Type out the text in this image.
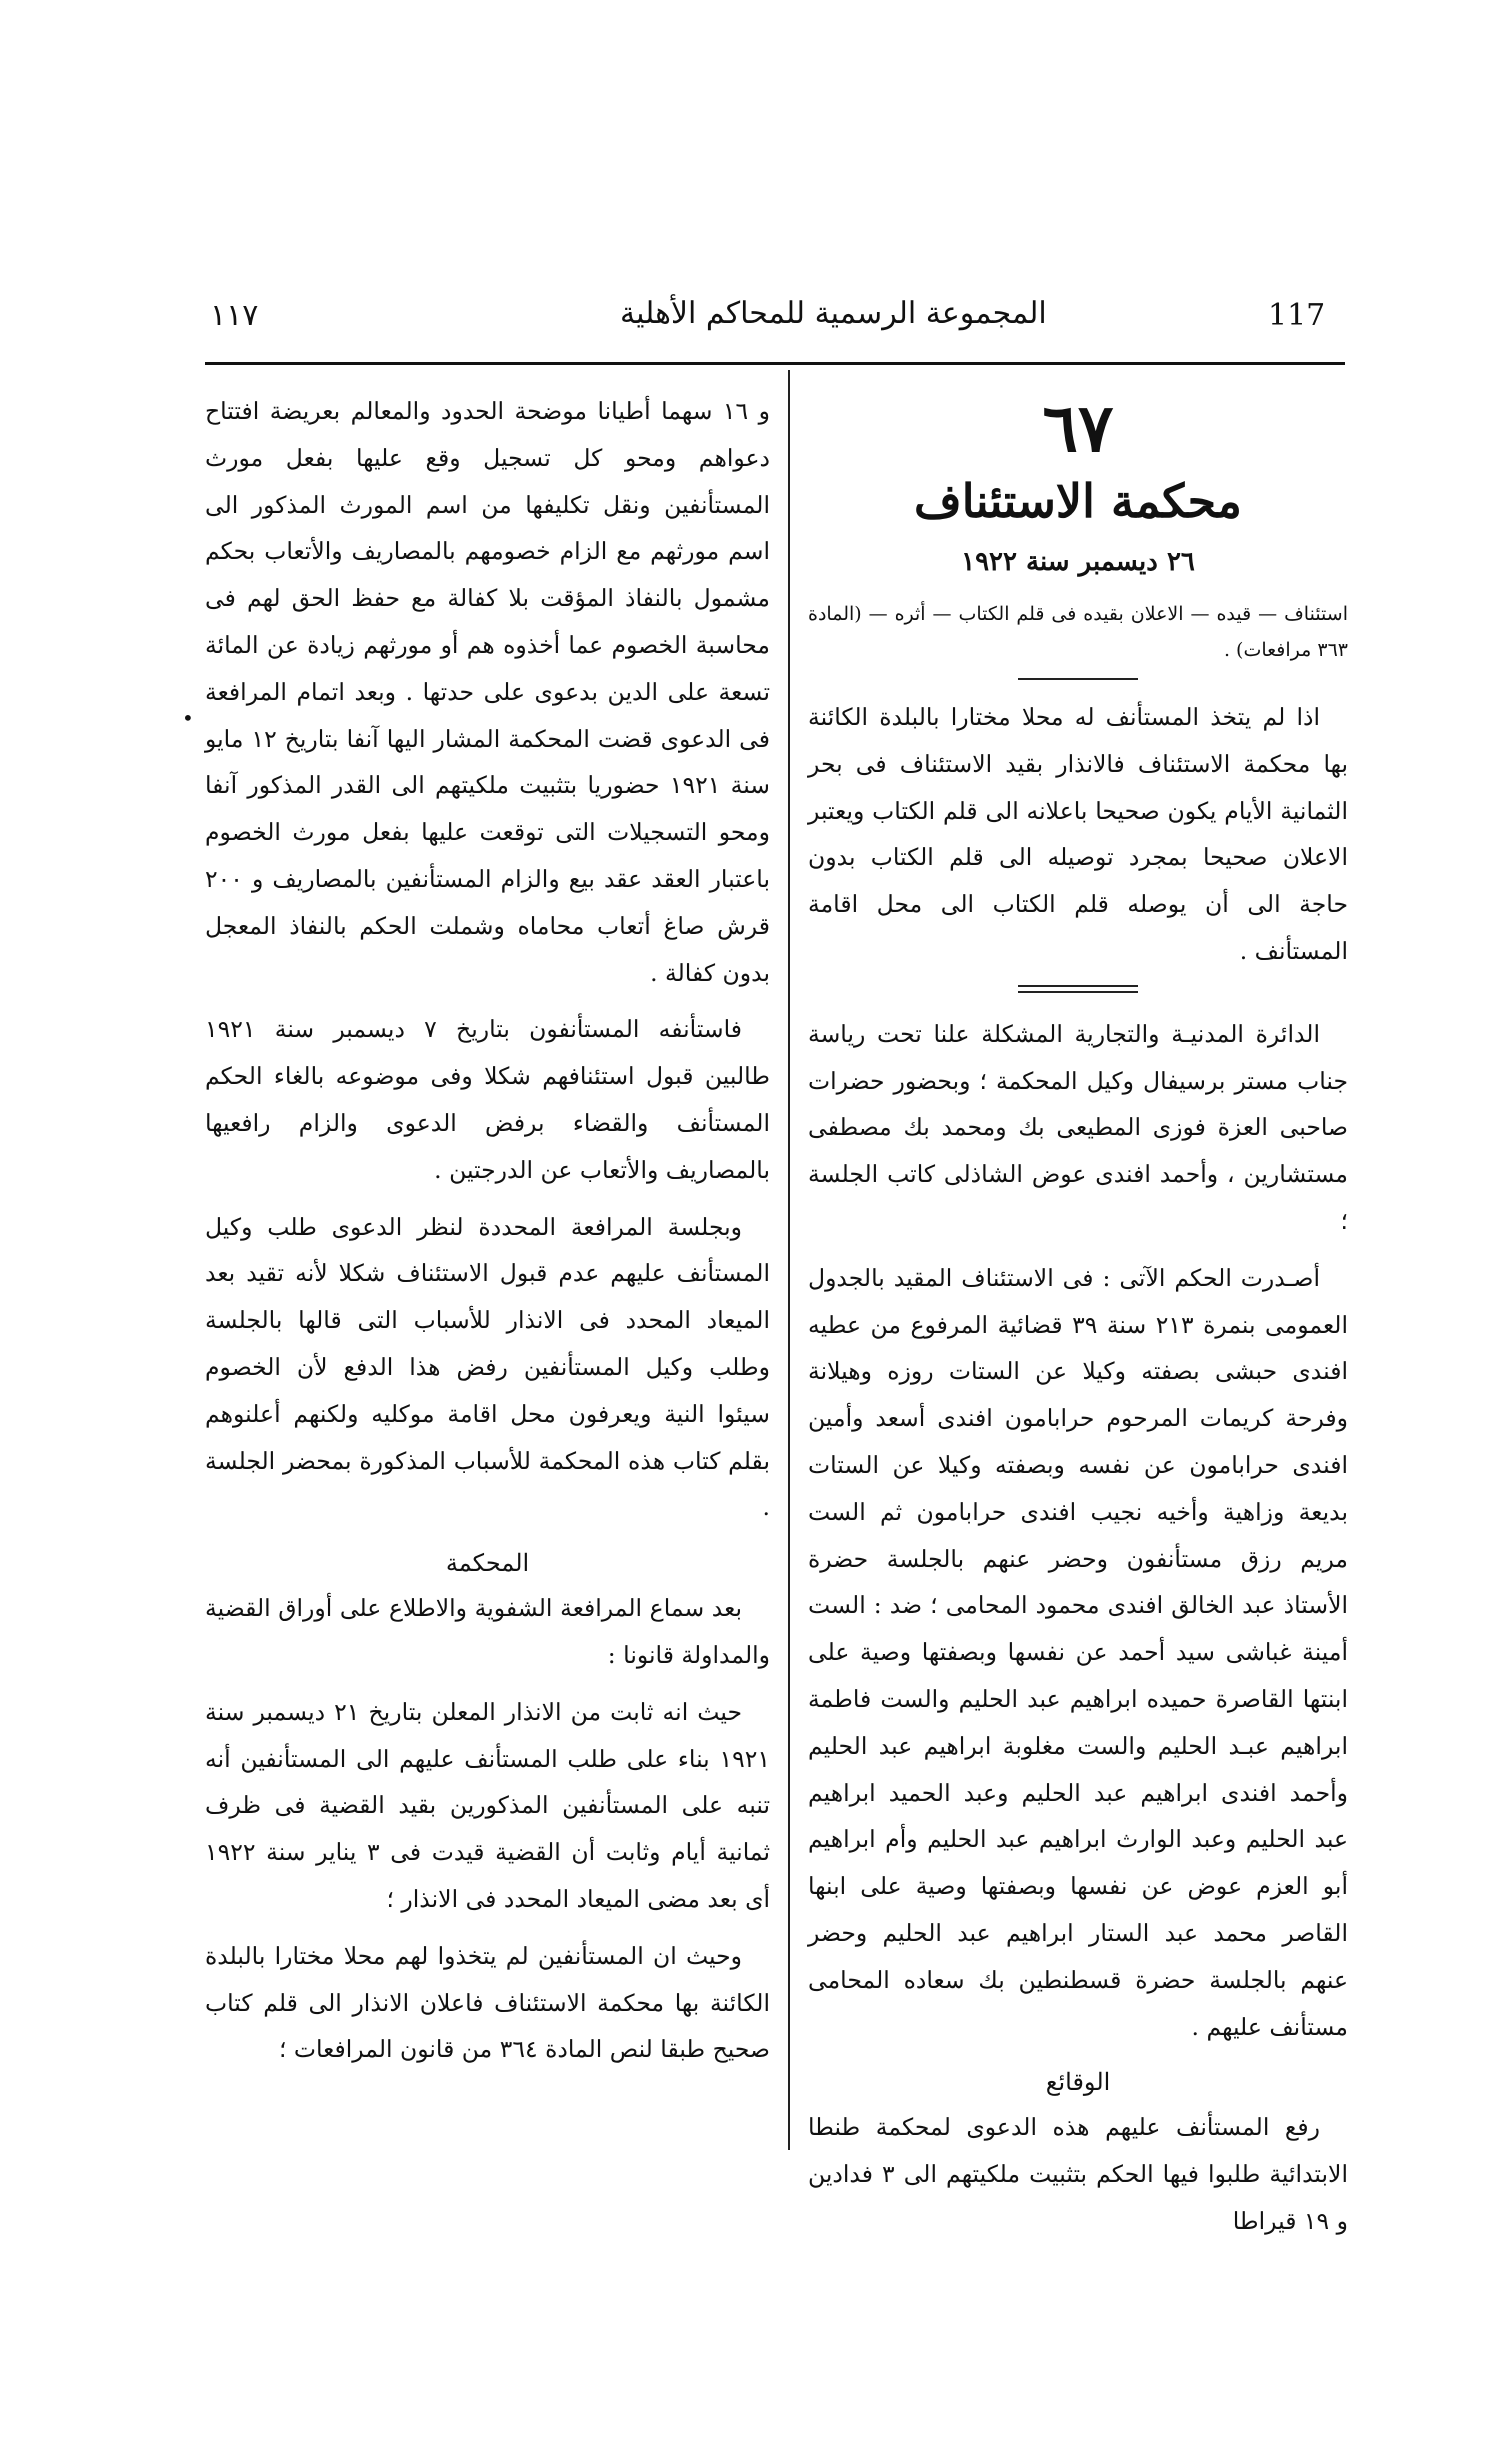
١١٧	المجموعة الرسمية للمحاكم الأهلية	117
•
٦٧
محكمة الاستئناف
٢٦ ديسمبر سنة ١٩٢٢

استئناف — قيده — الاعلان بقيده فى قلم الكتاب — أثره — (المادة ٣٦٣ مرافعات) .

اذا لم يتخذ المستأنف له محلا مختارا بالبلدة الكائنة بها محكمة الاستئناف فالانذار بقيد الاستئناف فى بحر الثمانية الأيام يكون صحيحا باعلانه الى قلم الكتاب ويعتبر الاعلان صحيحا بمجرد توصيله الى قلم الكتاب بدون حاجة الى أن يوصله قلم الكتاب الى محل اقامة المستأنف .

الدائرة المدنيـة والتجارية المشكلة علنا تحت رياسة جناب مستر برسيفال وكيل المحكمة ؛ وبحضور حضرات صاحبى العزة فوزى المطيعى بك ومحمد بك مصطفى مستشارين ، وأحمد افندى عوض الشاذلى كاتب الجلسة ؛

أصـدرت الحكم الآتى : فى الاستئناف المقيد بالجدول العمومى بنمرة ٢١٣ سنة ٣٩ قضائية المرفوع من عطيه افندى حبشى بصفته وكيلا عن الستات روزه وهيلانة وفرحة كريمات المرحوم حرابامون افندى أسعد وأمين افندى حرابامون عن نفسه وبصفته وكيلا عن الستات بديعة وزاهية وأخيه نجيب افندى حرابامون ثم الست مريم رزق مستأنفون وحضر عنهم بالجلسة حضرة الأستاذ عبد الخالق افندى محمود المحامى ؛ ضد : الست أمينة غباشى سيد أحمد عن نفسها وبصفتها وصية على ابنتها القاصرة حميده ابراهيم عبد الحليم والست فاطمة ابراهيم عبـد الحليم والست مغلوبة ابراهيم عبد الحليم وأحمد افندى ابراهيم عبد الحليم وعبد الحميد ابراهيم عبد الحليم وعبد الوارث ابراهيم عبد الحليم وأم ابراهيم أبو العزم عوض عن نفسها وبصفتها وصية على ابنها القاصر محمد عبد الستار ابراهيم عبد الحليم وحضر عنهم بالجلسة حضرة قسطنطين بك سعاده المحامى مستأنف عليهم .

الوقائع

رفع المستأنف عليهم هذه الدعوى لمحكمة طنطا الابتدائية طلبوا فيها الحكم بتثبيت ملكيتهم الى ٣ فدادين و ١٩ قيراطا

و ١٦ سهما أطيانا موضحة الحدود والمعالم بعريضة افتتاح دعواهم ومحو كل تسجيل وقع عليها بفعل مورث المستأنفين ونقل تكليفها من اسم المورث المذكور الى اسم مورثهم مع الزام خصومهم بالمصاريف والأتعاب بحكم مشمول بالنفاذ المؤقت بلا كفالة مع حفظ الحق لهم فى محاسبة الخصوم عما أخذوه هم أو مورثهم زيادة عن المائة تسعة على الدين بدعوى على حدتها . وبعد اتمام المرافعة فى الدعوى قضت المحكمة المشار اليها آنفا بتاريخ ١٢ مايو سنة ١٩٢١ حضوريا بتثبيت ملكيتهم الى القدر المذكور آنفا ومحو التسجيلات التى توقعت عليها بفعل مورث الخصوم باعتبار العقد عقد بيع والزام المستأنفين بالمصاريف و ٢٠٠ قرش صاغ أتعاب محاماه وشملت الحكم بالنفاذ المعجل بدون كفالة .

فاستأنفه المستأنفون بتاريخ ٧ ديسمبر سنة ١٩٢١ طالبين قبول استئنافهم شكلا وفى موضوعه بالغاء الحكم المستأنف والقضاء برفض الدعوى والزام رافعيها بالمصاريف والأتعاب عن الدرجتين .

وبجلسة المرافعة المحددة لنظر الدعوى طلب وكيل المستأنف عليهم عدم قبول الاستئناف شكلا لأنه تقيد بعد الميعاد المحدد فى الانذار للأسباب التى قالها بالجلسة وطلب وكيل المستأنفين رفض هذا الدفع لأن الخصوم سيئوا النية ويعرفون محل اقامة موكليه ولكنهم أعلنوهم بقلم كتاب هذه المحكمة للأسباب المذكورة بمحضر الجلسة .

المحكمة

بعد سماع المرافعة الشفوية والاطلاع على أوراق القضية والمداولة قانونا :

حيث انه ثابت من الانذار المعلن بتاريخ ٢١ ديسمبر سنة ١٩٢١ بناء على طلب المستأنف عليهم الى المستأنفين أنه تنبه على المستأنفين المذكورين بقيد القضية فى ظرف ثمانية أيام وثابت أن القضية قيدت فى ٣ يناير سنة ١٩٢٢ أى بعد مضى الميعاد المحدد فى الانذار ؛

وحيث ان المستأنفين لم يتخذوا لهم محلا مختارا بالبلدة الكائنة بها محكمة الاستئناف فاعلان الانذار الى قلم كتاب صحيح طبقا لنص المادة ٣٦٤ من قانون المرافعات ؛
